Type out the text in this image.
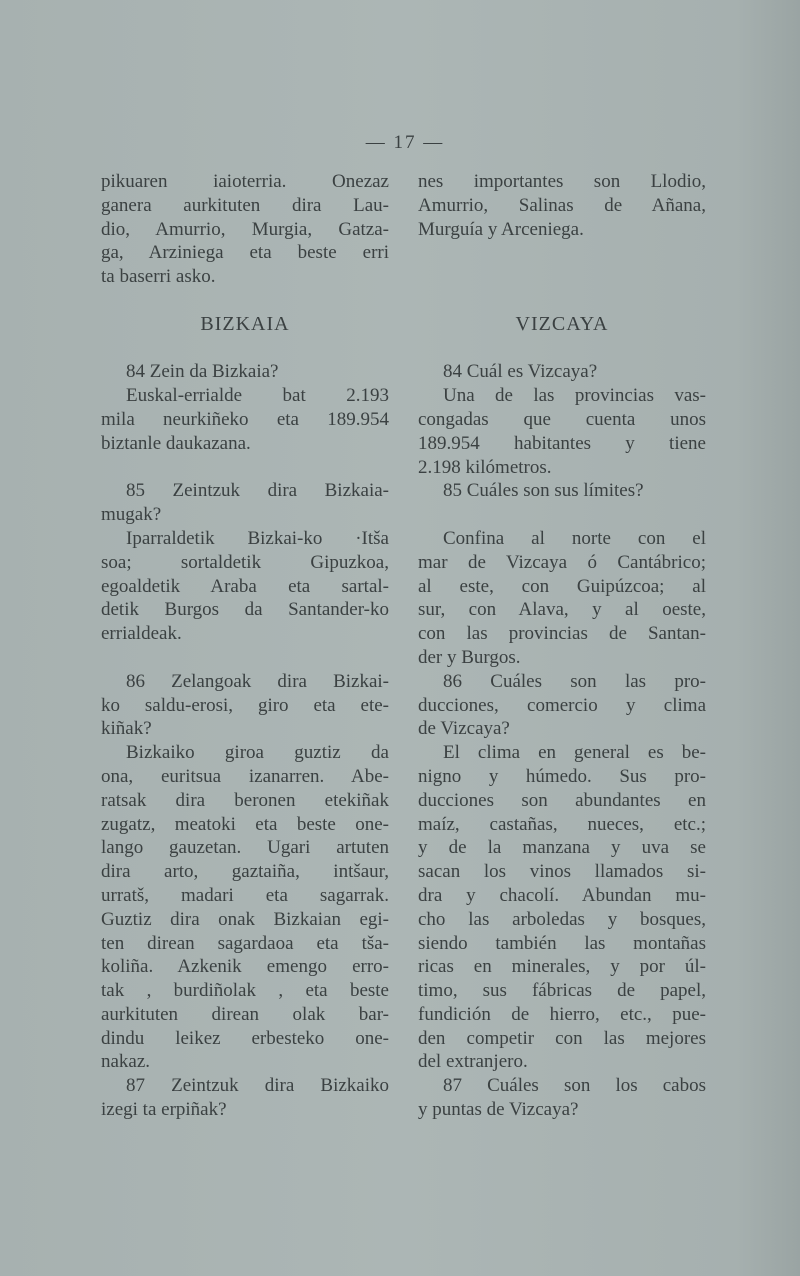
— 17 —
pikuaren iaioterria. Onezaz
ganera aurkituten dira Lau-
dio, Amurrio, Murgia, Gatza-
ga, Arziniega eta beste erri
ta baserri asko.
BIZKAIA
84 Zein da Bizkaia?
Euskal-errialde bat 2.193
mila neurkiñeko eta 189.954
biztanle daukazana.
85 Zeintzuk dira Bizkaia-
mugak?
Iparraldetik Bizkai-ko ·Itša
soa; sortaldetik Gipuzkoa,
egoaldetik Araba eta sartal-
detik Burgos da Santander-ko
errialdeak.
86 Zelangoak dira Bizkai-
ko saldu-erosi, giro eta ete-
kiñak?
Bizkaiko giroa guztiz da
ona, euritsua izanarren. Abe-
ratsak dira beronen etekiñak
zugatz, meatoki eta beste one-
lango gauzetan. Ugari artuten
dira arto, gaztaiña, intšaur,
urratš, madari eta sagarrak.
Guztiz dira onak Bizkaian egi-
ten direan sagardaoa eta tša-
koliña. Azkenik emengo erro-
tak , burdiñolak , eta beste
aurkituten direan olak bar-
dindu leikez erbesteko one-
nakaz.
87 Zeintzuk dira Bizkaiko
izegi ta erpiñak?
nes importantes son Llodio,
Amurrio, Salinas de Añana,
Murguía y Arceniega.
VIZCAYA
84 Cuál es Vizcaya?
Una de las provincias vas-
congadas que cuenta unos
189.954 habitantes y tiene
2.198 kilómetros.
85 Cuáles son sus límites?
Confina al norte con el
mar de Vizcaya ó Cantábrico;
al este, con Guipúzcoa; al
sur, con Alava, y al oeste,
con las provincias de Santan-
der y Burgos.
86 Cuáles son las pro-
ducciones, comercio y clima
de Vizcaya?
El clima en general es be-
nigno y húmedo. Sus pro-
ducciones son abundantes en
maíz, castañas, nueces, etc.;
y de la manzana y uva se
sacan los vinos llamados si-
dra y chacolí. Abundan mu-
cho las arboledas y bosques,
siendo también las montañas
ricas en minerales, y por úl-
timo, sus fábricas de papel,
fundición de hierro, etc., pue-
den competir con las mejores
del extranjero.
87 Cuáles son los cabos
y puntas de Vizcaya?
